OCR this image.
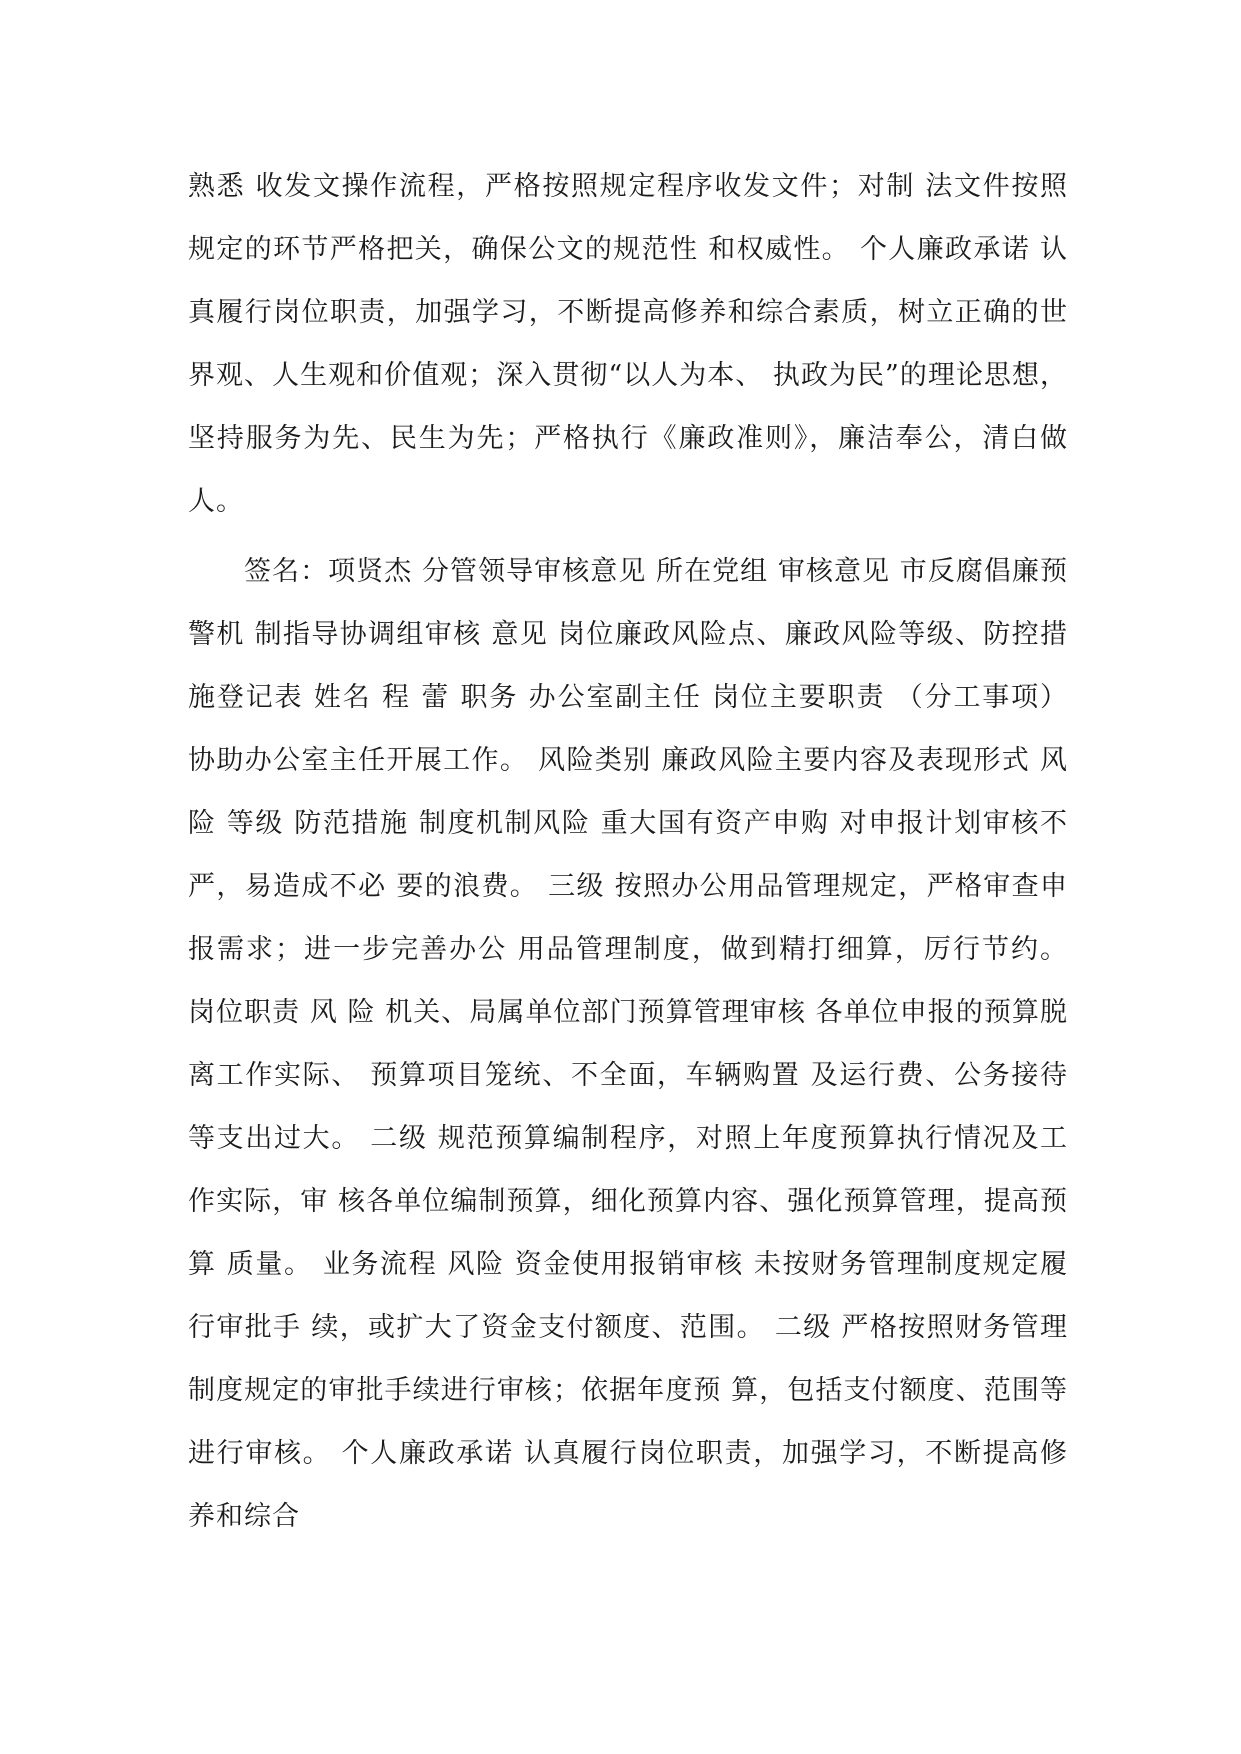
熟悉 收发文操作流程，严格按照规定程序收发文件；对制 法文件按照规定的环节严格把关，确保公文的规范性 和权威性。 个人廉政承诺 认真履行岗位职责，加强学习，不断提高修养和综合素质，树立正确的世界观、人生观和价值观；深入贯彻“以人为本、 执政为民”的理论思想，坚持服务为先、民生为先；严格执行《廉政准则》，廉洁奉公，清白做人。

签名：项贤杰 分管领导审核意见 所在党组 审核意见 市反腐倡廉预警机 制指导协调组审核 意见 岗位廉政风险点、廉政风险等级、防控措施登记表 姓名 程 蕾 职务 办公室副主任 岗位主要职责 （分工事项） 协助办公室主任开展工作。 风险类别 廉政风险主要内容及表现形式 风险 等级 防范措施 制度机制风险 重大国有资产申购 对申报计划审核不严，易造成不必 要的浪费。 三级 按照办公用品管理规定，严格审查申报需求；进一步完善办公 用品管理制度，做到精打细算，厉行节约。 岗位职责 风 险 机关、局属单位部门预算管理审核 各单位申报的预算脱离工作实际、 预算项目笼统、不全面，车辆购置 及运行费、公务接待等支出过大。 二级 规范预算编制程序，对照上年度预算执行情况及工作实际，审 核各单位编制预算，细化预算内容、强化预算管理，提高预算 质量。 业务流程 风险 资金使用报销审核 未按财务管理制度规定履行审批手 续，或扩大了资金支付额度、范围。 二级 严格按照财务管理制度规定的审批手续进行审核；依据年度预 算，包括支付额度、范围等进行审核。 个人廉政承诺 认真履行岗位职责，加强学习，不断提高修养和综合
